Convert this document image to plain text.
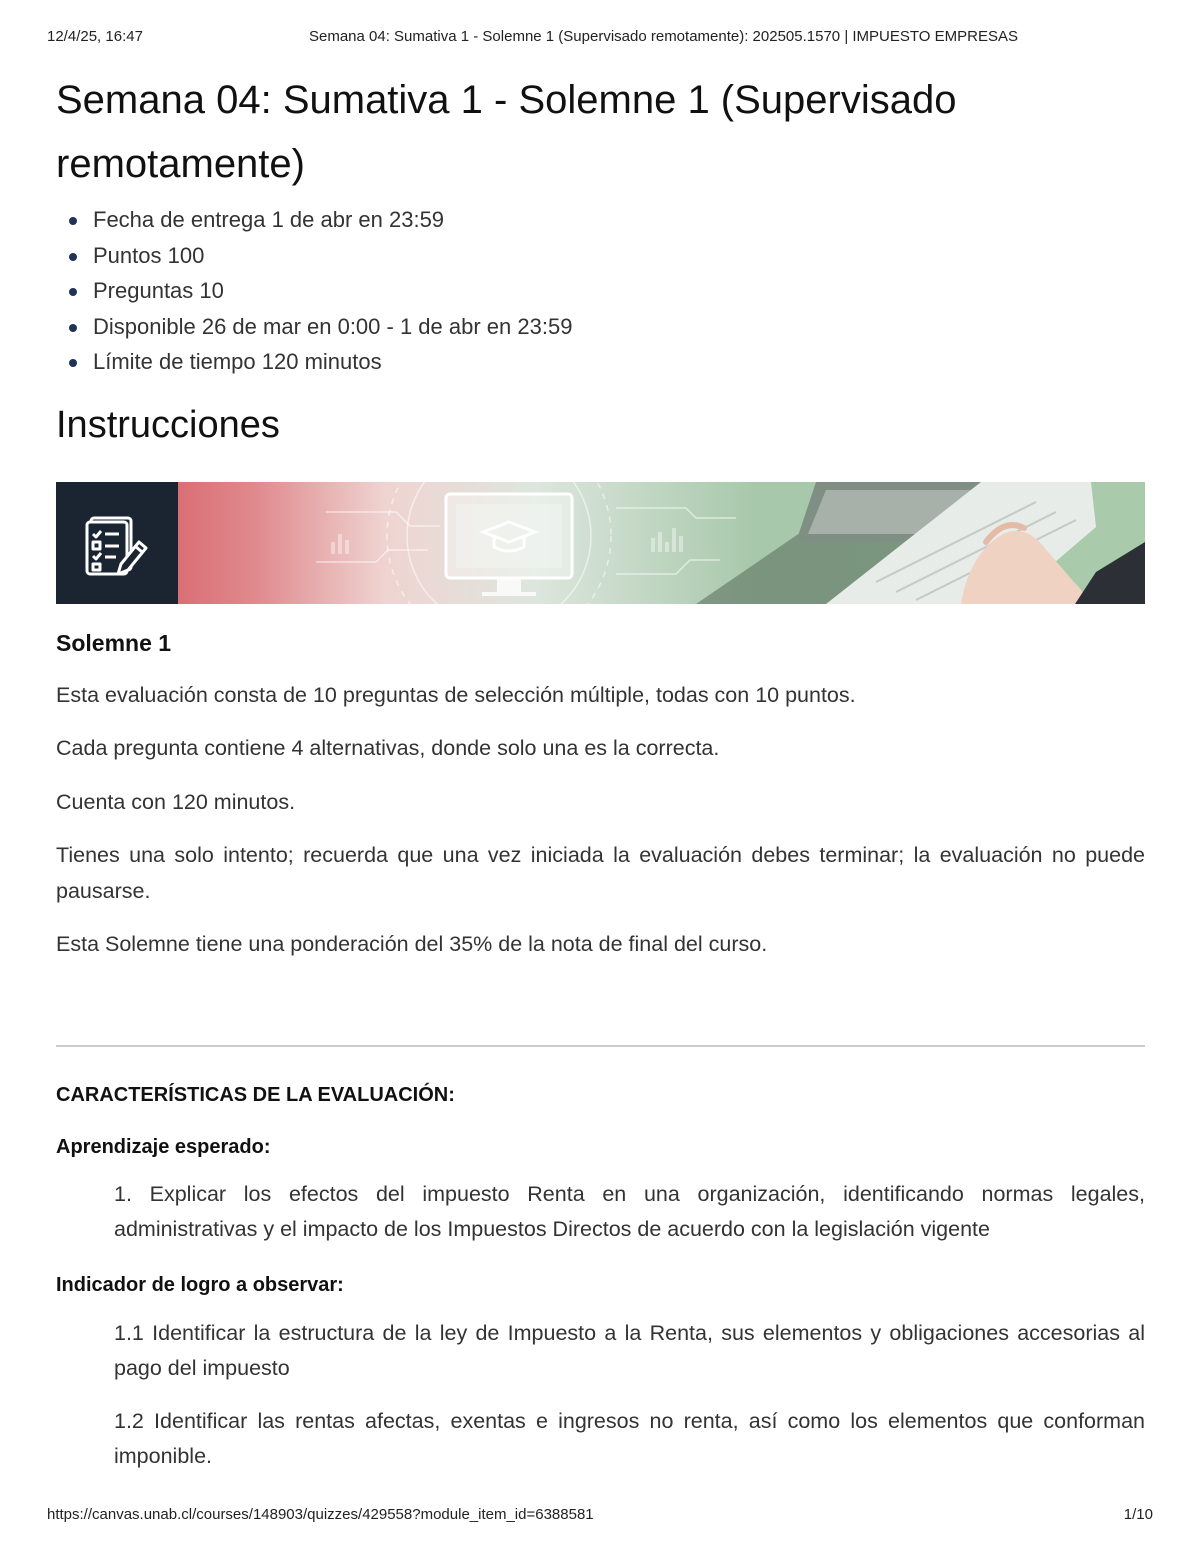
12/4/25, 16:47	Semana 04: Sumativa 1 - Solemne 1 (Supervisado remotamente): 202505.1570 | IMPUESTO EMPRESAS
Semana 04: Sumativa 1 - Solemne 1 (Supervisado remotamente)
Fecha de entrega 1 de abr en 23:59
Puntos 100
Preguntas 10
Disponible 26 de mar en 0:00 - 1 de abr en 23:59
Límite de tiempo 120 minutos
Instrucciones
Solemne 1

Esta evaluación consta de 10 preguntas de selección múltiple, todas con 10 puntos.

Cada pregunta contiene 4 alternativas, donde solo una es la correcta.

Cuenta con 120 minutos.

Tienes una solo intento; recuerda que una vez iniciada la evaluación debes terminar; la evaluación no puede pausarse.

Esta Solemne tiene una ponderación del 35% de la nota de final del curso.

CARACTERÍSTICAS DE LA EVALUACIÓN:

Aprendizaje esperado:

1. Explicar los efectos del impuesto Renta en una organización, identificando normas legales, administrativas y el impacto de los Impuestos Directos de acuerdo con la legislación vigente

Indicador de logro a observar:

1.1 Identificar la estructura de la ley de Impuesto a la Renta, sus elementos y obligaciones accesorias al pago del impuesto

1.2 Identificar las rentas afectas, exentas e ingresos no renta, así como los elementos que conforman imponible.

https://canvas.unab.cl/courses/148903/quizzes/429558?module_item_id=6388581	1/10
